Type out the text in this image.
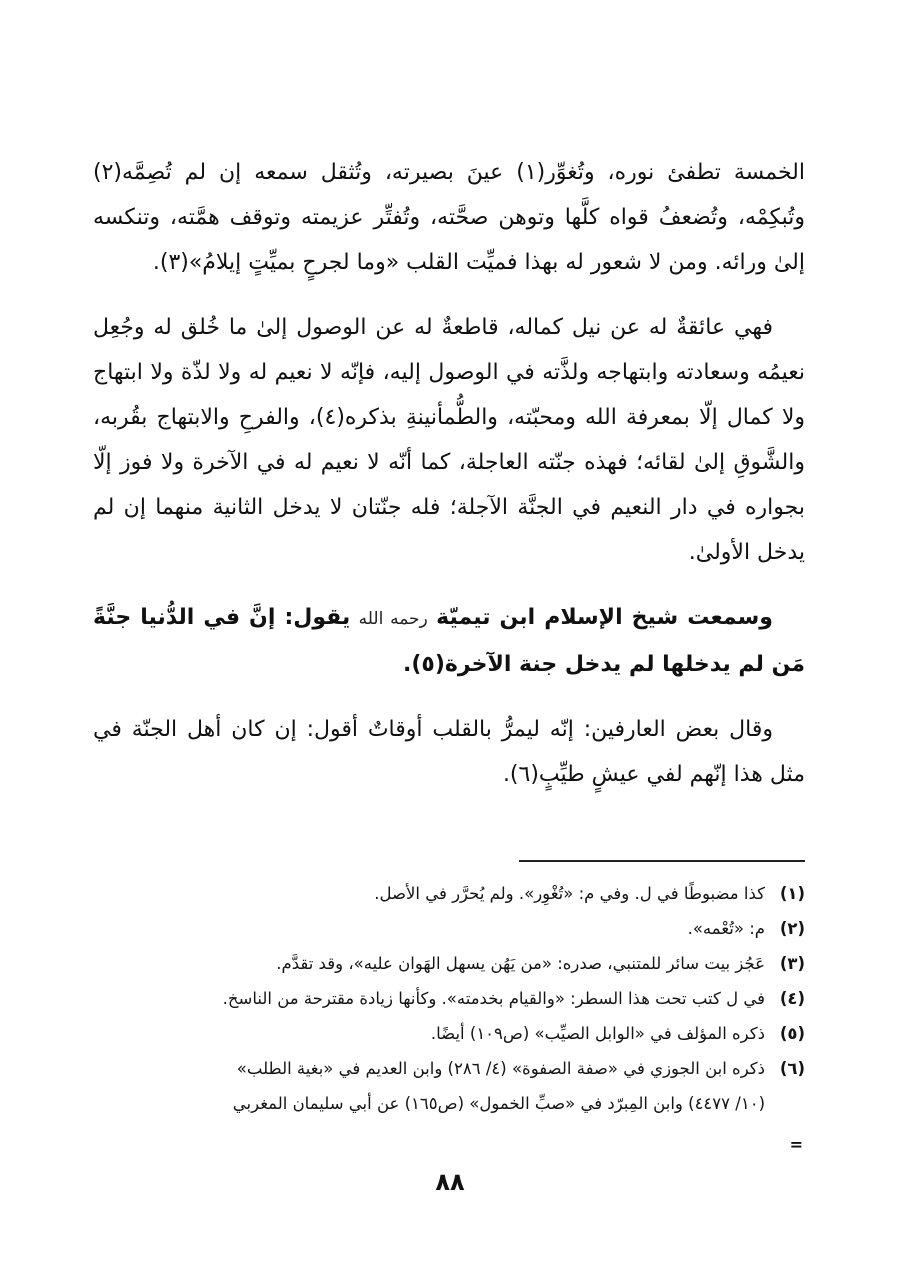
الخمسة تطفئ نوره، وتُغوِّر(١) عينَ بصيرته، وتُثقل سمعه إن لم تُصِمَّه(٢) وتُبكِمْه، وتُضعفُ قواه كلَّها وتوهن صحَّته، وتُفتِّر عزيمته وتوقف همَّته، وتنكسه إلىٰ ورائه. ومن لا شعور له بهذا فميِّت القلب «وما لجرحٍ بميِّتٍ إيلامُ»(٣).

فهي عائقةٌ له عن نيل كماله، قاطعةٌ له عن الوصول إلىٰ ما خُلق له وجُعِل نعيمُه وسعادته وابتهاجه ولذَّته في الوصول إليه، فإنّه لا نعيم له ولا لذّة ولا ابتهاج ولا كمال إلّا بمعرفة الله ومحبّته، والطُّمأنينةِ بذكره(٤)، والفرحِ والابتهاج بقُربه، والشَّوقِ إلىٰ لقائه؛ فهذه جنّته العاجلة، كما أنّه لا نعيم له في الآخرة ولا فوز إلّا بجواره في دار النعيم في الجنَّة الآجلة؛ فله جنّتان لا يدخل الثانية منهما إن لم يدخل الأولىٰ.

وسمعت شيخ الإسلام ابن تيميّة رحمه الله يقول: إنَّ في الدُّنيا جنَّةً مَن لم يدخلها لم يدخل جنة الآخرة(٥).

وقال بعض العارفين: إنّه ليمرُّ بالقلب أوقاتٌ أقول: إن كان أهل الجنّة في مثل هذا إنّهم لفي عيشٍ طيِّبٍ(٦).

(١)كذا مضبوطًا في ل. وفي م: «تُغْوِر». ولم يُحرَّر في الأصل.

(٢)م: «تُعْمه».

(٣)عَجُز بيت سائر للمتنبي، صدره: «من يَهُن يسهل الهَوان عليه»، وقد تقدَّم.

(٤)في ل كتب تحت هذا السطر: «والقيام بخدمته». وكأنها زيادة مقترحة من الناسخ.

(٥)ذكره المؤلف في «الوابل الصيِّب» (ص١٠٩) أيضًا.

(٦)ذكره ابن الجوزي في «صفة الصفوة» (٤/ ٢٨٦) وابن العديم في «بغية الطلب»
(١٠/ ٤٤٧٧) وابن المِبرّد في «صبِّ الخمول» (ص١٦٥) عن أبي سليمان المغربي

=
٨٨
